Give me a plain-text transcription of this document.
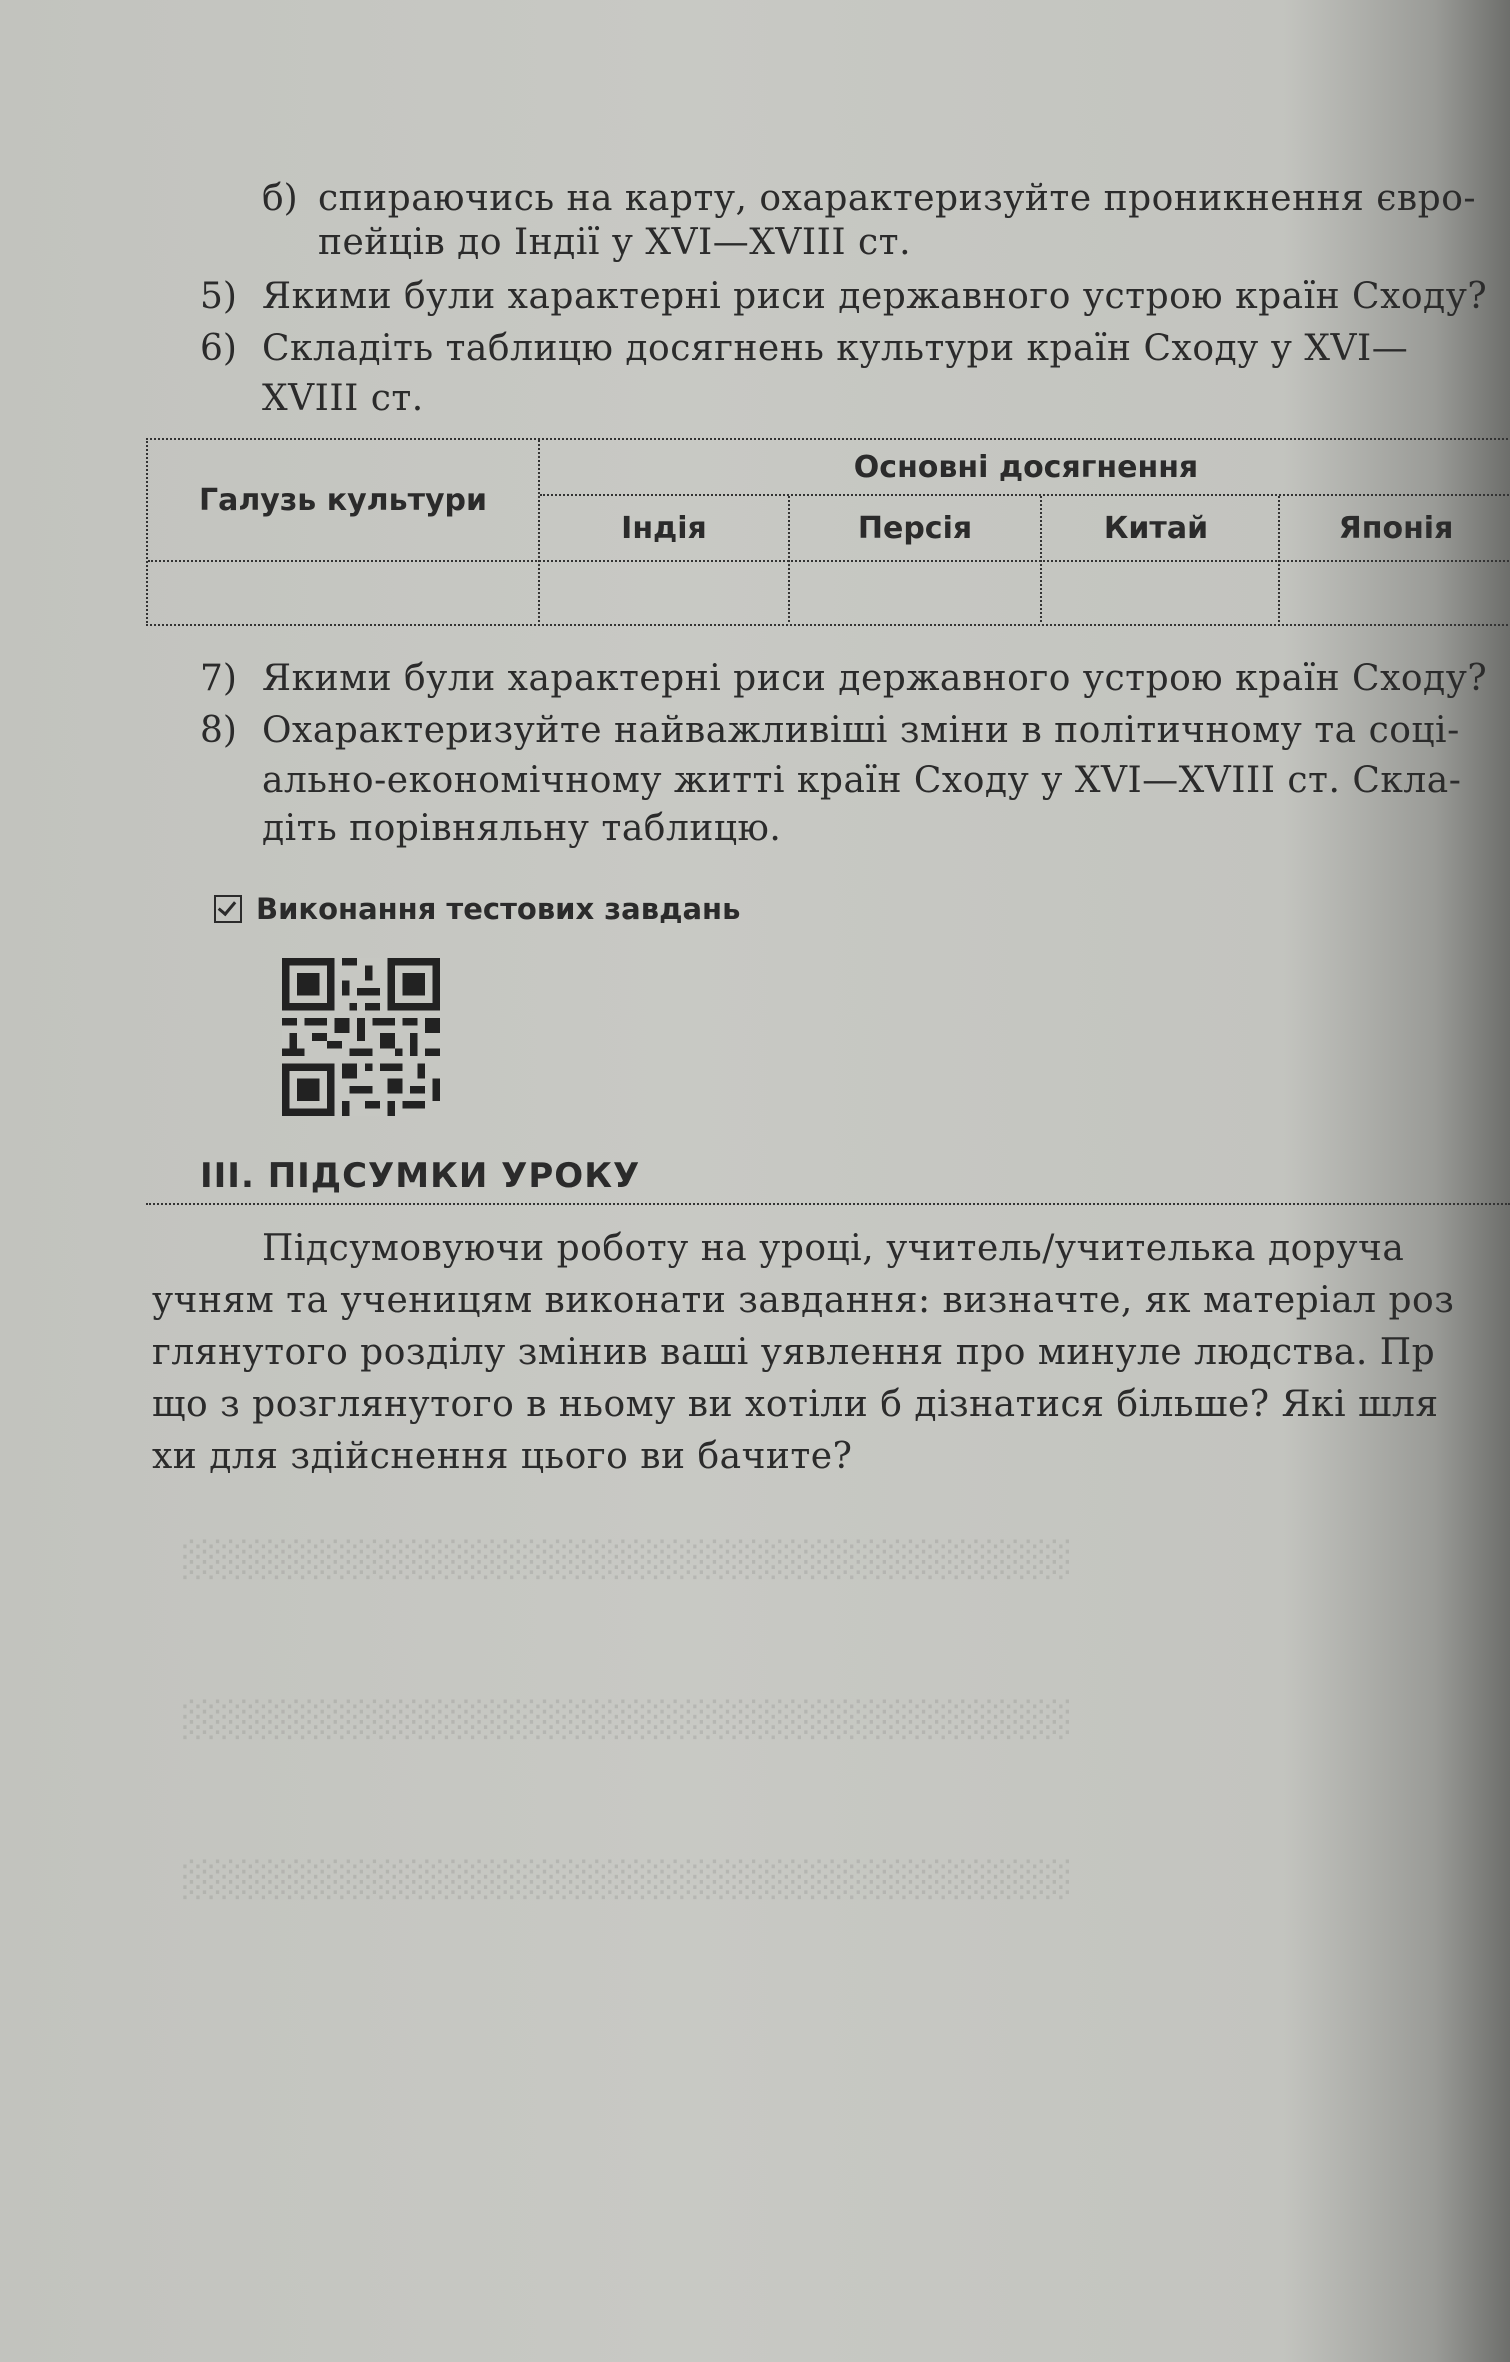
░░░░░░░░░░░░░░░░░░░░░░░░░░░░░░░░░░
░░░░░░░░░░░░░░░░░░░░░░░░░░░░░░░░░░
░░░░░░░░░░░░░░░░░░░░░░░░░░░░░░░░░░
б) спираючись на карту, охарактеризуйте проникнення євро-
пейців до Індії у XVI—XVIII ст.
5) Якими були характерні риси державного устрою країн Сходу?
6) Складіть таблицю досягнень культури країн Сходу у XVI—
XVIII ст.
Галузь культури
Основні досягнення
Індія	Персія	Китай	Японія
7) Якими були характерні риси державного устрою країн Сходу?
8) Охарактеризуйте найважливіші зміни в політичному та соці-
ально-економічному житті країн Сходу у XVI—XVIII ст. Скла-
діть порівняльну таблицю.
Виконання тестових завдань
III. ПІДСУМКИ УРОКУ
Підсумовуючи роботу на уроці, учитель/учителька доруча
учням та ученицям виконати завдання: визначте, як матеріал роз
глянутого розділу змінив ваші уявлення про минуле людства. Пр
що з розглянутого в ньому ви хотіли б дізнатися більше? Які шля
хи для здійснення цього ви бачите?
